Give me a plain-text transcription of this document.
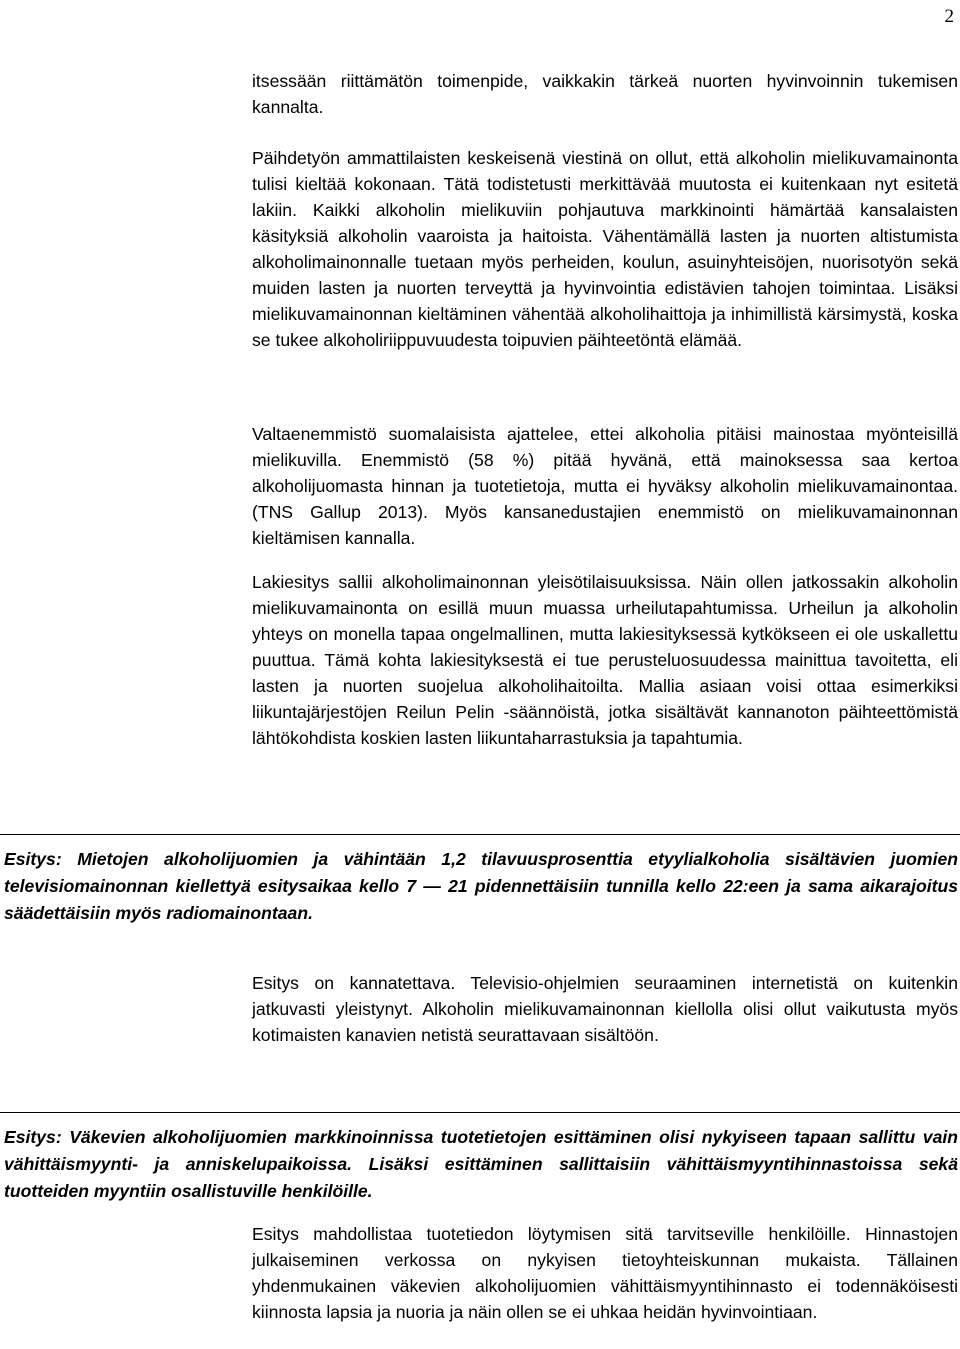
2

itsessään riittämätön toimenpide, vaikkakin tärkeä nuorten hyvinvoinnin tukemisen kannalta.

Päihdetyön ammattilaisten keskeisenä viestinä on ollut, että alkoholin mielikuvamainonta tulisi kieltää kokonaan. Tätä todistetusti merkittävää muutosta ei kuitenkaan nyt esitetä lakiin. Kaikki alkoholin mielikuviin pohjautuva markkinointi hämärtää kansalaisten käsityksiä alkoholin vaaroista ja haitoista. Vähentämällä lasten ja nuorten altistumista alkoholimainonnalle tuetaan myös perheiden, koulun, asuinyhteisöjen, nuorisotyön sekä muiden lasten ja nuorten terveyttä ja hyvinvointia edistävien tahojen toimintaa. Lisäksi mielikuvamainonnan kieltäminen vähentää alkoholihaittoja ja inhimillistä kärsimystä, koska se tukee alkoholiriippuvuudesta toipuvien päihteetöntä elämää.

Valtaenemmistö suomalaisista ajattelee, ettei alkoholia pitäisi mainostaa myönteisillä mielikuvilla. Enemmistö (58 %) pitää hyvänä, että mainoksessa saa kertoa alkoholijuomasta hinnan ja tuotetietoja, mutta ei hyväksy alkoholin mielikuvamainontaa. (TNS Gallup 2013). Myös kansanedustajien enemmistö on mielikuvamainonnan kieltämisen kannalla.

Lakiesitys sallii alkoholimainonnan yleisötilaisuuksissa. Näin ollen jatkossakin alkoholin mielikuvamainonta on esillä muun muassa urheilutapahtumissa. Urheilun ja alkoholin yhteys on monella tapaa ongelmallinen, mutta lakiesityksessä kytkökseen ei ole uskallettu puuttua. Tämä kohta lakiesityksestä ei tue perusteluosuudessa mainittua tavoitetta, eli lasten ja nuorten suojelua alkoholihaitoilta. Mallia asiaan voisi ottaa esimerkiksi liikuntajärjestöjen Reilun Pelin -säännöistä, jotka sisältävät kannanoton päihteettömistä lähtökohdista koskien lasten liikuntaharrastuksia ja tapahtumia.

Esitys: Mietojen alkoholijuomien ja vähintään 1,2 tilavuusprosenttia etyylialkoholia sisältävien juomien televisiomainonnan kiellettyä esitysaikaa kello 7 — 21 pidennettäisiin tunnilla kello 22:een ja sama aikarajoitus säädettäisiin myös radiomainontaan.

Esitys on kannatettava. Televisio-ohjelmien seuraaminen internetistä on kuitenkin jatkuvasti yleistynyt. Alkoholin mielikuvamainonnan kiellolla olisi ollut vaikutusta myös kotimaisten kanavien netistä seurattavaan sisältöön.

Esitys: Väkevien alkoholijuomien markkinoinnissa tuotetietojen esittäminen olisi nykyiseen tapaan sallittu vain vähittäismyynti- ja anniskelupaikoissa. Lisäksi esittäminen sallittaisiin vähittäismyyntihinnastoissa sekä tuotteiden myyntiin osallistuville henkilöille.

Esitys mahdollistaa tuotetiedon löytymisen sitä tarvitseville henkilöille. Hinnastojen julkaiseminen verkossa on nykyisen tietoyhteiskunnan mukaista. Tällainen yhdenmukainen väkevien alkoholijuomien vähittäismyyntihinnasto ei todennäköisesti kiinnosta lapsia ja nuoria ja näin ollen se ei uhkaa heidän hyvinvointiaan.
